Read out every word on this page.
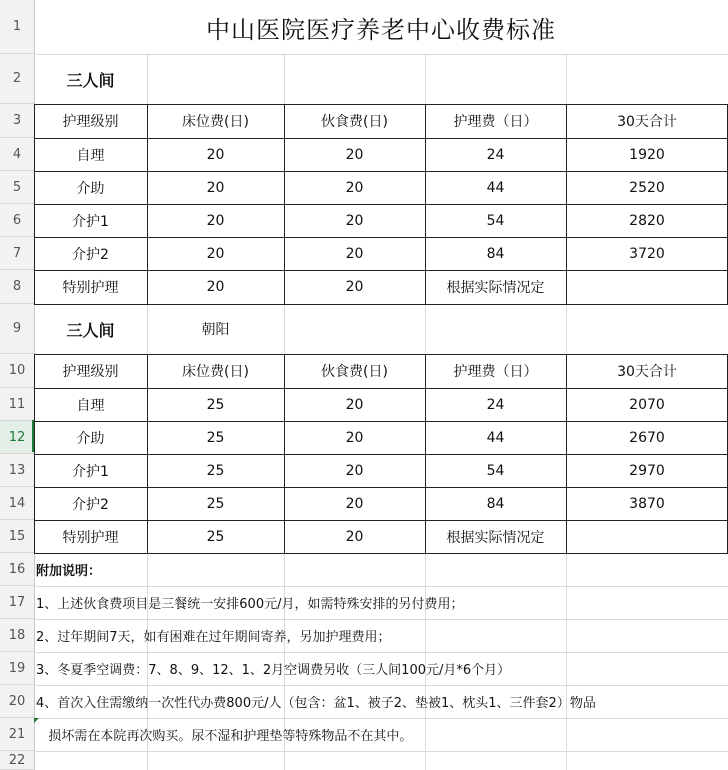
1
2
3
4
5
6
7
8
9
10
11
12
13
14
15
16
17
18
19
20
21
22
中山医院医疗养老中心收费标准
三人间
护理级别	床位费(日)	伙食费(日)	护理费（日）	30天合计
自理	20	20	24	1920
介助	20	20	44	2520
介护1	20	20	54	2820
介护2	20	20	84	3720
特别护理	20	20	根据实际情况定
三人间	朝阳
护理级别	床位费(日)	伙食费(日)	护理费（日）	30天合计
自理	25	20	24	2070
介助	25	20	44	2670
介护1	25	20	54	2970
介护2	25	20	84	3870
特别护理	25	20	根据实际情况定
附加说明：
1、上述伙食费项目是三餐统一安排600元/月，如需特殊安排的另付费用；
2、过年期间7天，如有困难在过年期间寄养，另加护理费用；
3、冬夏季空调费：7、8、9、12、1、2月空调费另收（三人间100元/月*6个月）
4、首次入住需缴纳一次性代办费800元/人（包含：盆1、被子2、垫被1、枕头1、三件套2）物品
损坏需在本院再次购买。尿不湿和护理垫等特殊物品不在其中。
